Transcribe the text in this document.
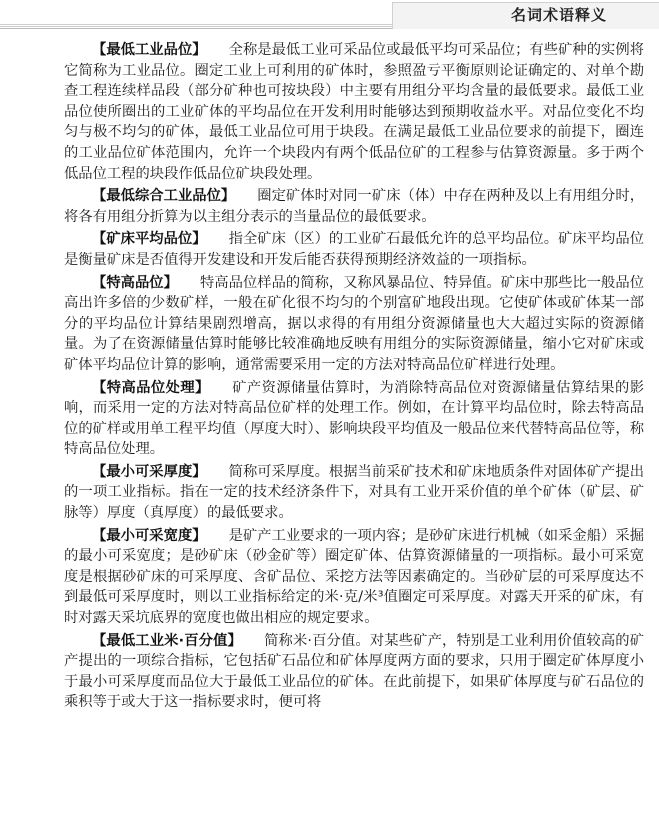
名词术语释义

【最低工业品位】 全称是最低工业可采品位或最低平均可采品位；有些矿种的实例将它简称为工业品位。圈定工业上可利用的矿体时，参照盈亏平衡原则论证确定的、对单个勘查工程连续样品段（部分矿种也可按块段）中主要有用组分平均含量的最低要求。最低工业品位使所圈出的工业矿体的平均品位在开发利用时能够达到预期收益水平。对品位变化不均匀与极不均匀的矿体，最低工业品位可用于块段。在满足最低工业品位要求的前提下，圈连的工业品位矿体范围内，允许一个块段内有两个低品位矿的工程参与估算资源量。多于两个低品位工程的块段作低品位矿块段处理。

【最低综合工业品位】 圈定矿体时对同一矿床（体）中存在两种及以上有用组分时，将各有用组分折算为以主组分表示的当量品位的最低要求。

【矿床平均品位】 指全矿床（区）的工业矿石最低允许的总平均品位。矿床平均品位是衡量矿床是否值得开发建设和开发后能否获得预期经济效益的一项指标。

【特高品位】 特高品位样品的简称，又称风暴品位、特异值。矿床中那些比一般品位高出许多倍的少数矿样，一般在矿化很不均匀的个别富矿地段出现。它使矿体或矿体某一部分的平均品位计算结果剧烈增高，据以求得的有用组分资源储量也大大超过实际的资源储量。为了在资源储量估算时能够比较准确地反映有用组分的实际资源储量，缩小它对矿床或矿体平均品位计算的影响，通常需要采用一定的方法对特高品位矿样进行处理。

【特高品位处理】 矿产资源储量估算时，为消除特高品位对资源储量估算结果的影响，而采用一定的方法对特高品位矿样的处理工作。例如，在计算平均品位时，除去特高品位的矿样或用单工程平均值（厚度大时）、影响块段平均值及一般品位来代替特高品位等，称特高品位处理。

【最小可采厚度】 简称可采厚度。根据当前采矿技术和矿床地质条件对固体矿产提出的一项工业指标。指在一定的技术经济条件下，对具有工业开采价值的单个矿体（矿层、矿脉等）厚度（真厚度）的最低要求。

【最小可采宽度】 是矿产工业要求的一项内容；是砂矿床进行机械（如采金船）采掘的最小可采宽度；是砂矿床（砂金矿等）圈定矿体、估算资源储量的一项指标。最小可采宽度是根据砂矿床的可采厚度、含矿品位、采挖方法等因素确定的。当砂矿层的可采厚度达不到最低可采厚度时，则以工业指标给定的米·克/米³值圈定可采厚度。对露天开采的矿床，有时对露天采坑底界的宽度也做出相应的规定要求。

【最低工业米·百分值】 简称米·百分值。对某些矿产，特别是工业利用价值较高的矿产提出的一项综合指标，它包括矿石品位和矿体厚度两方面的要求，只用于圈定矿体厚度小于最小可采厚度而品位大于最低工业品位的矿体。在此前提下，如果矿体厚度与矿石品位的乘积等于或大于这一指标要求时，便可将
